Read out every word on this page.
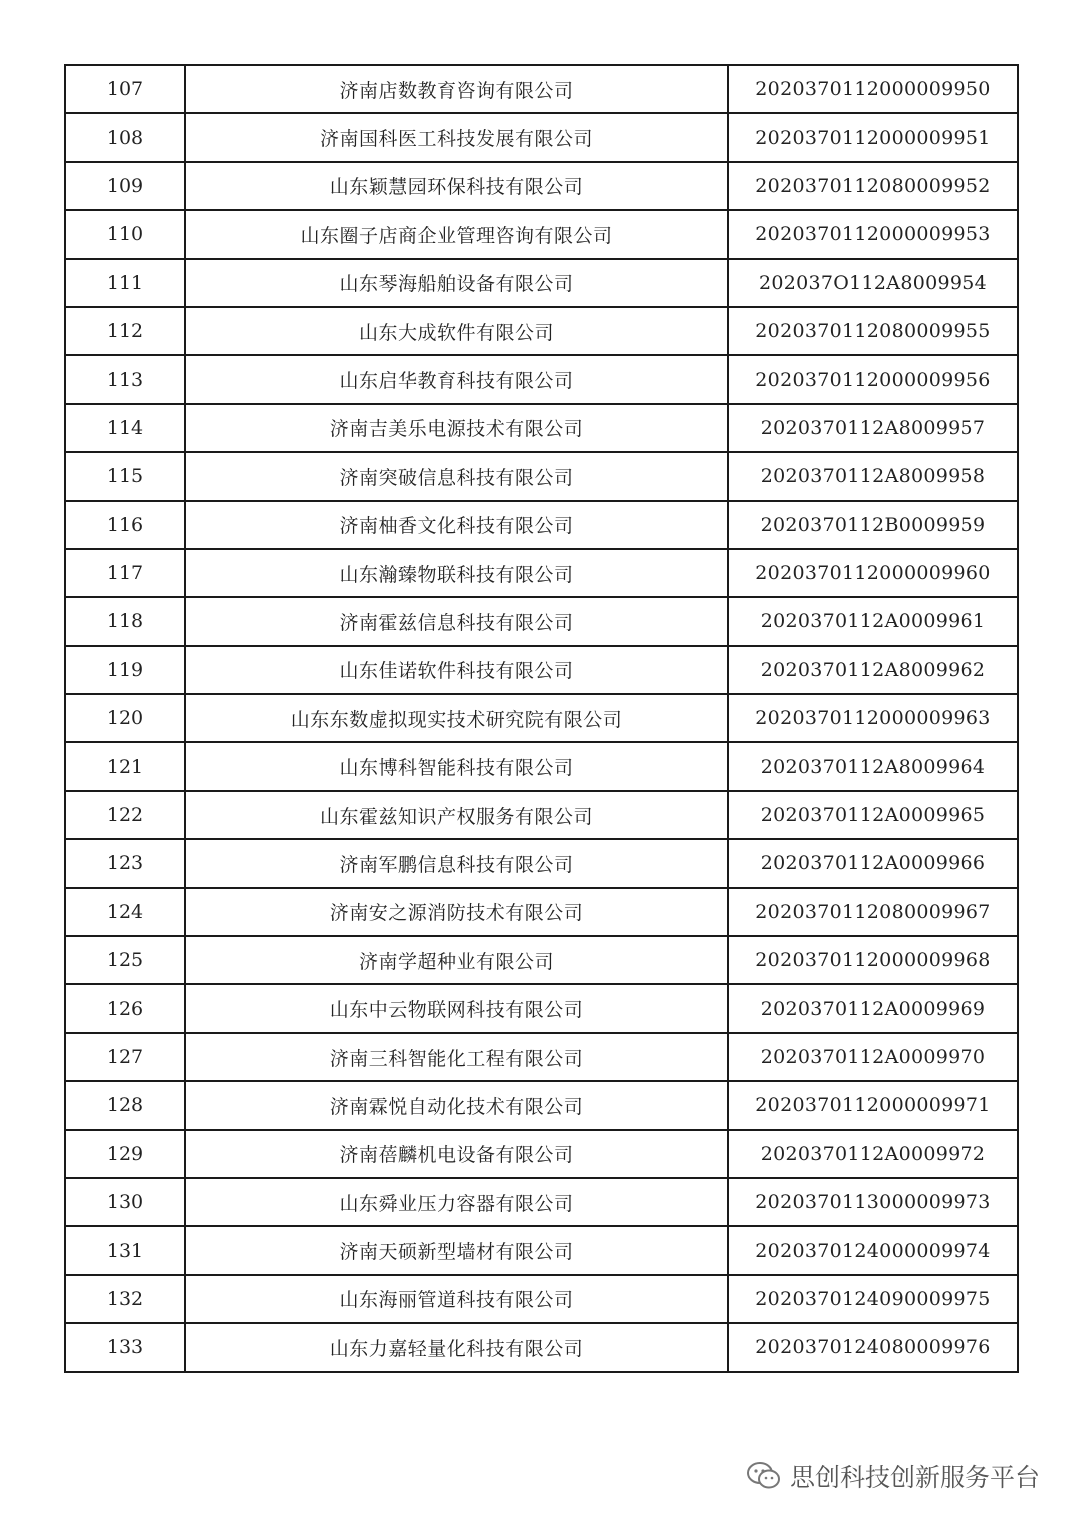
107	济南店数教育咨询有限公司	2020370112000009950
108	济南国科医工科技发展有限公司	2020370112000009951
109	山东颖慧园环保科技有限公司	2020370112080009952
110	山东圈子店商企业管理咨询有限公司	2020370112000009953
111	山东琴海船舶设备有限公司	202037O112A8009954
112	山东大成软件有限公司	2020370112080009955
113	山东启华教育科技有限公司	2020370112000009956
114	济南吉美乐电源技术有限公司	2020370112A8009957
115	济南突破信息科技有限公司	2020370112A8009958
116	济南柚香文化科技有限公司	2020370112B0009959
117	山东瀚臻物联科技有限公司	2020370112000009960
118	济南霍兹信息科技有限公司	2020370112A0009961
119	山东佳诺软件科技有限公司	2020370112A8009962
120	山东东数虚拟现实技术研究院有限公司	2020370112000009963
121	山东博科智能科技有限公司	2020370112A8009964
122	山东霍兹知识产权服务有限公司	2020370112A0009965
123	济南军鹏信息科技有限公司	2020370112A0009966
124	济南安之源消防技术有限公司	2020370112080009967
125	济南学超种业有限公司	2020370112000009968
126	山东中云物联网科技有限公司	2020370112A0009969
127	济南三科智能化工程有限公司	2020370112A0009970
128	济南霖悦自动化技术有限公司	2020370112000009971
129	济南蓓麟机电设备有限公司	2020370112A0009972
130	山东舜业压力容器有限公司	2020370113000009973
131	济南天硕新型墙材有限公司	2020370124000009974
132	山东海丽管道科技有限公司	2020370124090009975
133	山东力嘉轻量化科技有限公司	2020370124080009976
思创科技创新服务平台
